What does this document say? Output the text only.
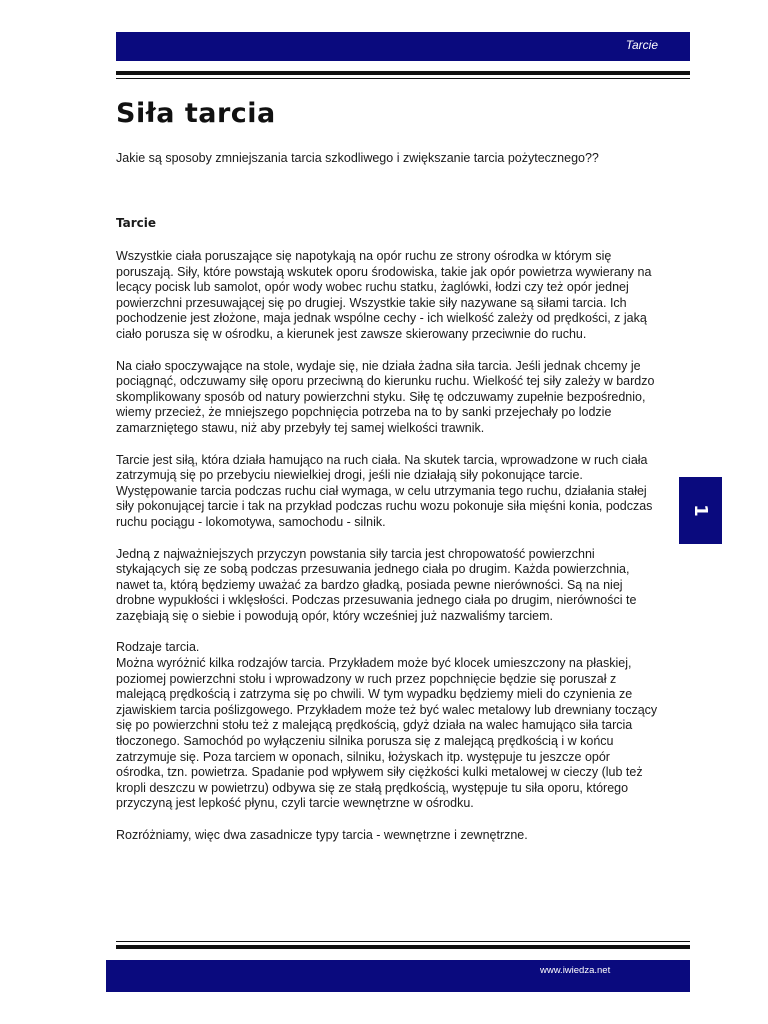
Tarcie
Siła tarcia

Jakie są sposoby zmniejszania tarcia szkodliwego i zwiększanie tarcia pożytecznego??

Tarcie

Wszystkie ciała poruszające się napotykają na opór ruchu ze strony ośrodka w którym się poruszają. Siły, które powstają wskutek oporu środowiska, takie jak opór powietrza wywierany na lecący pocisk lub samolot, opór wody wobec ruchu statku, żaglówki, łodzi czy też opór jednej powierzchni przesuwającej się po drugiej. Wszystkie takie siły nazywane są siłami tarcia. Ich pochodzenie jest złożone, maja jednak wspólne cechy - ich wielkość zależy od prędkości, z jaką ciało porusza się w ośrodku, a kierunek jest zawsze skierowany przeciwnie do ruchu.

Na ciało spoczywające na stole, wydaje się, nie działa żadna siła tarcia. Jeśli jednak chcemy je pociągnąć, odczuwamy siłę oporu przeciwną do kierunku ruchu. Wielkość tej siły zależy w bardzo skomplikowany sposób od natury powierzchni styku. Siłę tę odczuwamy zupełnie bezpośrednio, wiemy przecież, że mniejszego popchnięcia potrzeba na to by sanki przejechały po lodzie zamarzniętego stawu, niż aby przebyły tej samej wielkości trawnik.

Tarcie jest siłą, która działa hamująco na ruch ciała. Na skutek tarcia, wprowadzone w ruch ciała zatrzymują się po przebyciu niewielkiej drogi, jeśli nie działają siły pokonujące tarcie. Występowanie tarcia podczas ruchu ciał wymaga, w celu utrzymania tego ruchu, działania stałej siły pokonującej tarcie i tak na przykład podczas ruchu wozu pokonuje siła mięśni konia, podczas ruchu pociągu - lokomotywa, samochodu - silnik.

Jedną z najważniejszych przyczyn powstania siły tarcia jest chropowatość powierzchni stykających się ze sobą podczas przesuwania jednego ciała po drugim. Każda powierzchnia, nawet ta, którą będziemy uważać za bardzo gładką, posiada pewne nierówności. Są na niej drobne wypukłości i wklęsłości. Podczas przesuwania jednego ciała po drugim, nierówności te zazębiają się o siebie i powodują opór, który wcześniej już nazwaliśmy tarciem.

Rodzaje tarcia.
Można wyróżnić kilka rodzajów tarcia. Przykładem może być klocek umieszczony na płaskiej, poziomej powierzchni stołu i wprowadzony w ruch przez popchnięcie będzie się poruszał z malejącą prędkością i zatrzyma się po chwili. W tym wypadku będziemy mieli do czynienia ze zjawiskiem tarcia poślizgowego. Przykładem może też być walec metalowy lub drewniany toczący się po powierzchni stołu też z malejącą prędkością, gdyż działa na walec hamująco siła tarcia tłoczonego. Samochód po wyłączeniu silnika porusza się z malejącą prędkością i w końcu zatrzymuje się. Poza tarciem w oponach, silniku, łożyskach itp. występuje tu jeszcze opór ośrodka, tzn. powietrza. Spadanie pod wpływem siły ciężkości kulki metalowej w cieczy (lub też kropli deszczu w powietrzu) odbywa się ze stałą prędkością, występuje tu siła oporu, którego przyczyną jest lepkość płynu, czyli tarcie wewnętrzne w ośrodku.

Rozróżniamy, więc dwa zasadnicze typy tarcia - wewnętrzne i zewnętrzne.

1
www.iwiedza.net
